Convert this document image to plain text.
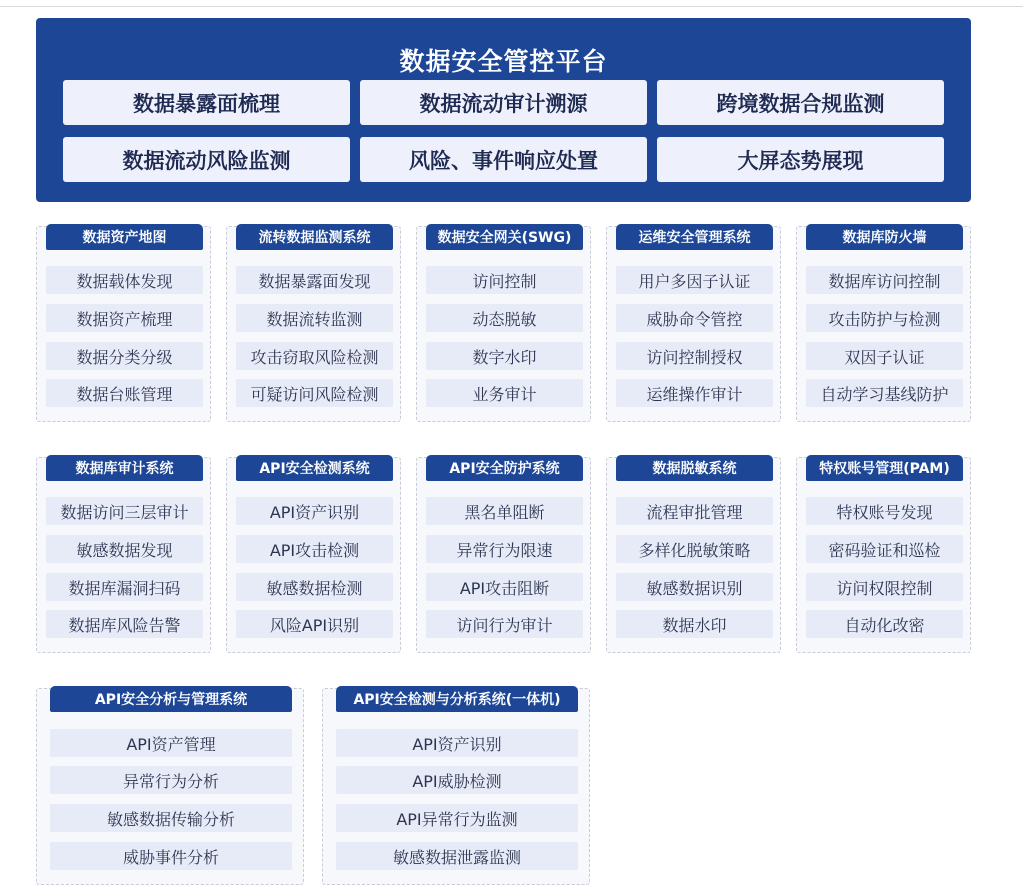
数据安全管控平台
数据暴露面梳理	数据流动审计溯源	跨境数据合规监测
数据流动风险监测	风险、事件响应处置	大屏态势展现
数据资产地图
数据载体发现
数据资产梳理
数据分类分级
数据台账管理
流转数据监测系统
数据暴露面发现
数据流转监测
攻击窃取风险检测
可疑访问风险检测
数据安全网关(SWG)
访问控制
动态脱敏
数字水印
业务审计
运维安全管理系统
用户多因子认证
威胁命令管控
访问控制授权
运维操作审计
数据库防火墙
数据库访问控制
攻击防护与检测
双因子认证
自动学习基线防护
数据库审计系统
数据访问三层审计
敏感数据发现
数据库漏洞扫码
数据库风险告警
API安全检测系统
API资产识别
API攻击检测
敏感数据检测
风险API识别
API安全防护系统
黑名单阻断
异常行为限速
API攻击阻断
访问行为审计
数据脱敏系统
流程审批管理
多样化脱敏策略
敏感数据识别
数据水印
特权账号管理(PAM)
特权账号发现
密码验证和巡检
访问权限控制
自动化改密
API安全分析与管理系统
API资产管理
异常行为分析
敏感数据传输分析
威胁事件分析
API安全检测与分析系统(一体机)
API资产识别
API威胁检测
API异常行为监测
敏感数据泄露监测
